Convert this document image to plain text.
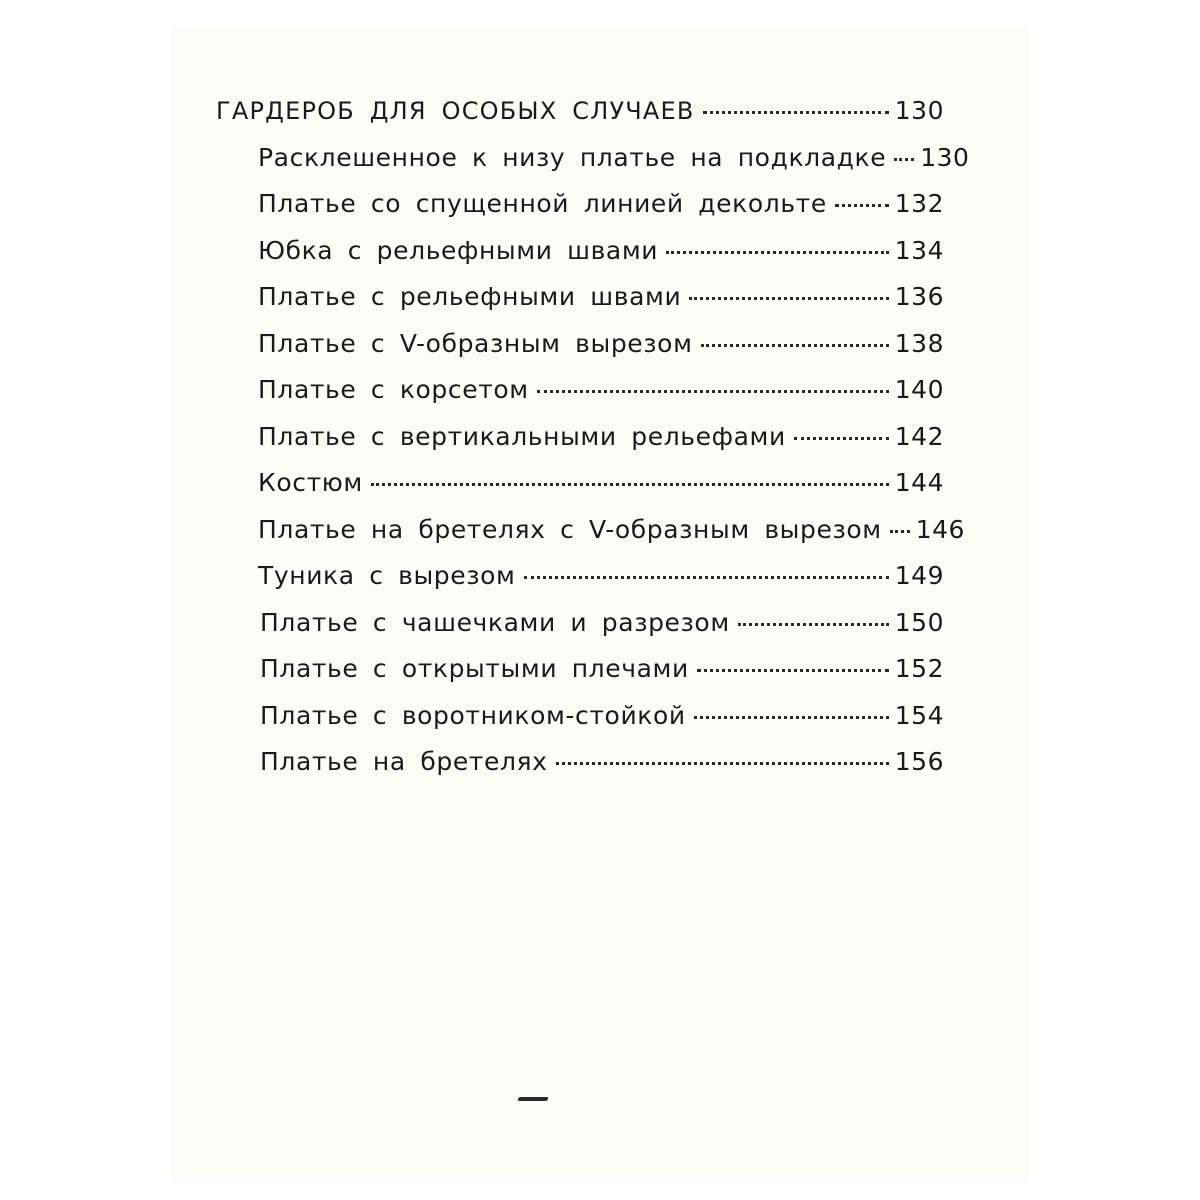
ГАРДЕРОБ ДЛЯ ОСОБЫХ СЛУЧАЕВ	130
Расклешенное к низу платье на подкладке 130
Платье со спущенной линией декольте	132
Юбка с рельефными швами	134
Платье с рельефными швами	136
Платье с V-образным вырезом	138
Платье с корсетом	140
Платье с вертикальными рельефами	142
Костюм	144
Платье на бретелях с V-образным вырезом 146
Туника с вырезом	149
Платье с чашечками и разрезом	150
Платье с открытыми плечами	152
Платье с воротником-стойкой	154
Платье на бретелях	156
